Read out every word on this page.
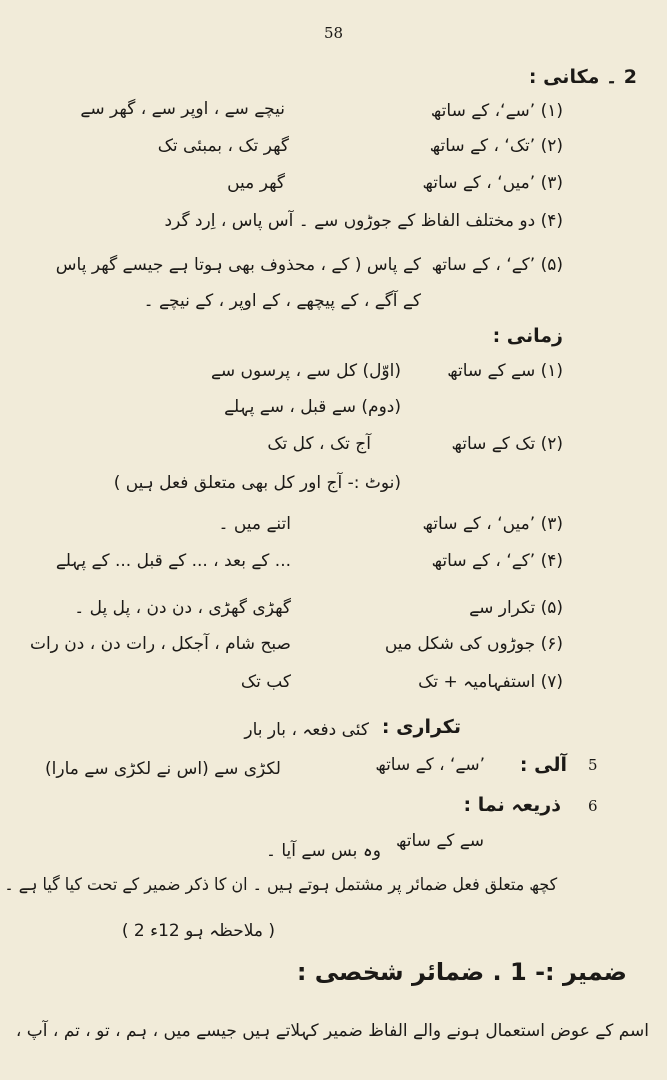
58
2 ۔ مکانی :
(۱) ’سے‘، کے ساتھ
نیچے سے ، اوپر سے ، گھر سے
(۲) ’تک‘ ، کے ساتھ
گھر تک ، بمبئی تک
(۳) ’میں‘ ، کے ساتھ
گھر میں
(۴) دو مختلف الفاظ کے جوڑوں سے ۔ آس پاس ، اِرد گرد
(۵) ’کے‘ ، کے ساتھ
کے پاس ( کے ، محذوف بھی ہوتا ہے جیسے گھر پاس
کے آگے ، کے پیچھے ، کے اوپر ، کے نیچے ۔
زمانی :
(۱) سے کے ساتھ
(اوّل) کل سے ، پرسوں سے
(دوم) سے قبل ، سے پہلے
(۲) تک کے ساتھ
آج تک ، کل تک
(نوٹ :- آج اور کل بھی متعلق فعل ہیں )
(۳) ’میں‘ ، کے ساتھ
اتنے میں ۔
(۴) ’کے‘ ، کے ساتھ
... کے بعد ، ... کے قبل ... کے پہلے
(۵) تکرار سے
گھڑی گھڑی ، دن دن ، پل پل ۔
(۶) جوڑوں کی شکل میں
صبح شام ، آجکل ، رات دن ، دن رات
(۷) استفہامیہ + تک
کب تک
تکراری :
کئی دفعہ ، بار بار
آلی :
’سے‘ ، کے ساتھ
لکڑی سے (اس نے لکڑی سے مارا)
ذریعہ نما :
سے کے ساتھ
وہ بس سے آیا ۔
کچھ متعلق فعل ضمائر پر مشتمل ہوتے ہیں ۔ ان کا ذکر ضمیر کے تحت کیا گیا ہے ۔
( ملاحظہ ہو 12ء 2 )
ضمیر :- 1 . ضمائر شخصی :
اسم کے عوض استعمال ہونے والے الفاظ ضمیر کہلاتے ہیں جیسے میں ، ہم ، تو ، تم ، آپ ،
5
6
